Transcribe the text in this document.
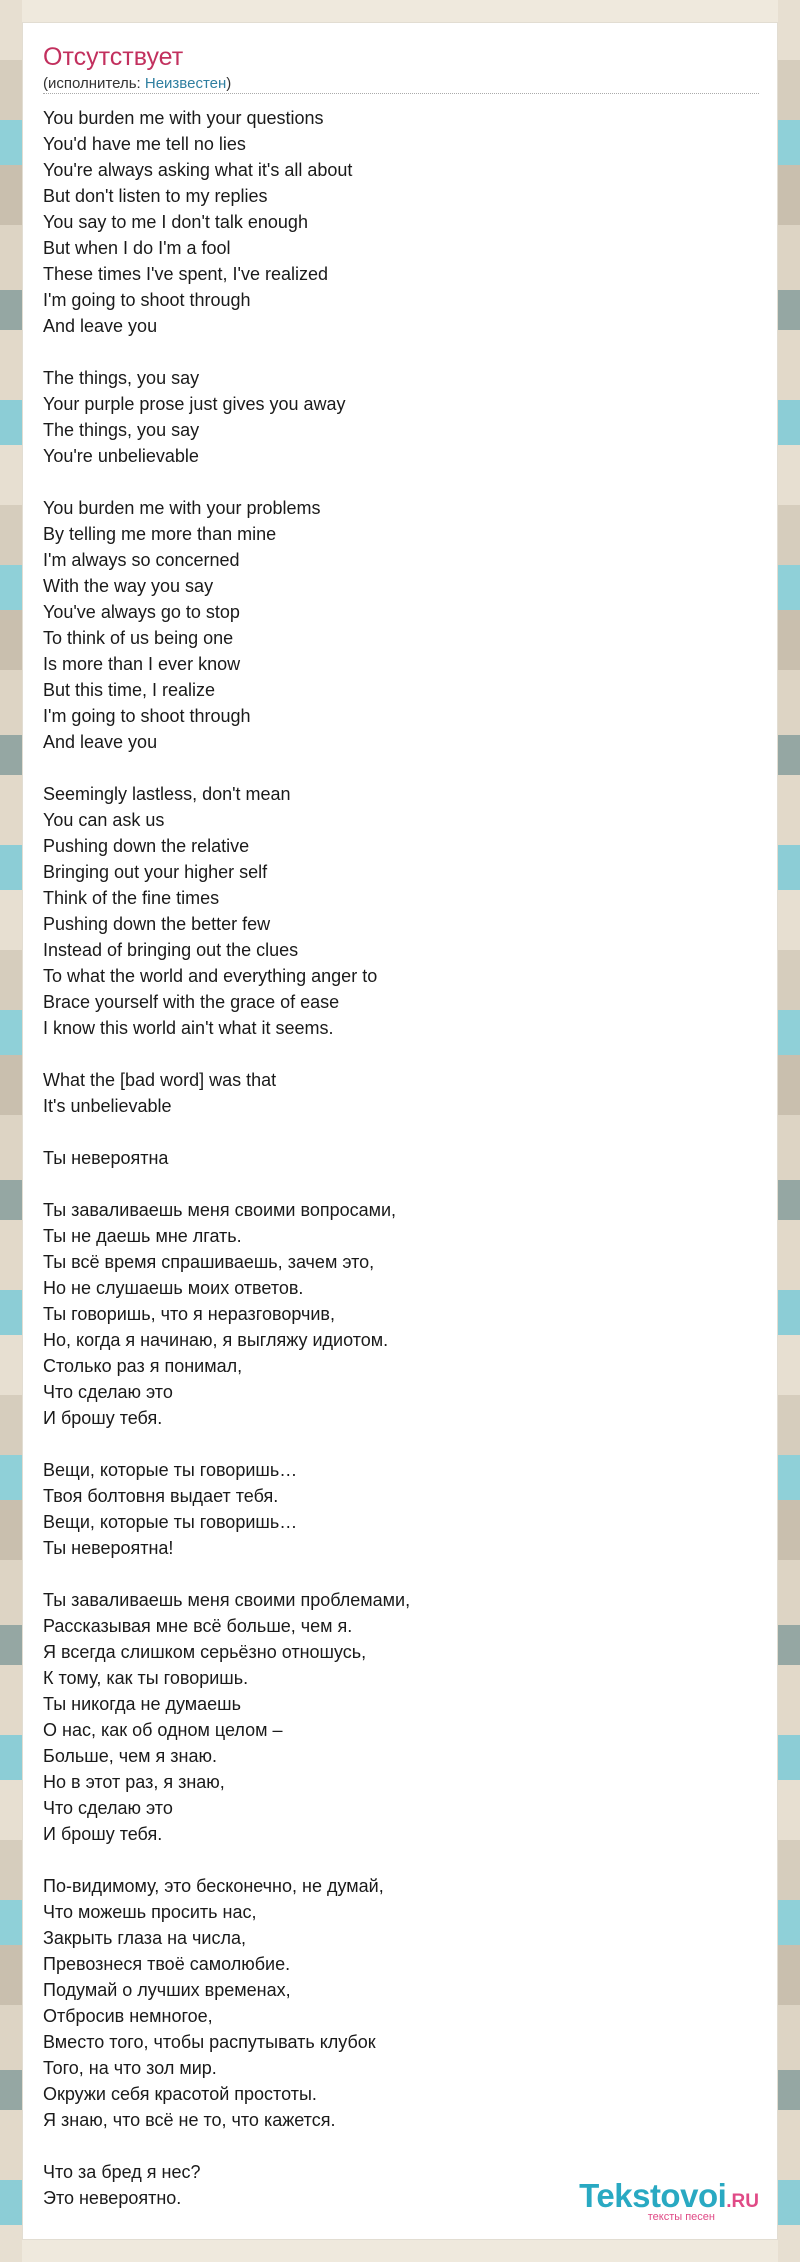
Отсутствует
(исполнитель: Неизвестен)
You burden me with your questions
You'd have me tell no lies
You're always asking what it's all about
But don't listen to my replies
You say to me I don't talk enough
But when I do I'm a fool
These times I've spent, I've realized
I'm going to shoot through
And leave you
The things, you say
Your purple prose just gives you away
The things, you say
You're unbelievable
You burden me with your problems
By telling me more than mine
I'm always so concerned
With the way you say
You've always go to stop
To think of us being one
Is more than I ever know
But this time, I realize
I'm going to shoot through
And leave you
Seemingly lastless, don't mean
You can ask us
Pushing down the relative
Bringing out your higher self
Think of the fine times
Pushing down the better few
Instead of bringing out the clues
To what the world and everything anger to
Brace yourself with the grace of ease
I know this world ain't what it seems.
What the [bad word] was that
It's unbelievable
Ты невероятна
Ты заваливаешь меня своими вопросами,
Ты не даешь мне лгать.
Ты всё время спрашиваешь, зачем это,
Но не слушаешь моих ответов.
Ты говоришь, что я неразговорчив,
Но, когда я начинаю, я выгляжу идиотом.
Столько раз я понимал,
Что сделаю это
И брошу тебя.
Вещи, которые ты говоришь…
Твоя болтовня выдает тебя.
Вещи, которые ты говоришь…
Ты невероятна!
Ты заваливаешь меня своими проблемами,
Рассказывая мне всё больше, чем я.
Я всегда слишком серьёзно отношусь,
К тому, как ты говоришь.
Ты никогда не думаешь
О нас, как об одном целом –
Больше, чем я знаю.
Но в этот раз, я знаю,
Что сделаю это
И брошу тебя.
По-видимому, это бесконечно, не думай,
Что можешь просить нас,
Закрыть глаза на числа,
Превознеся твоё самолюбие.
Подумай о лучших временах,
Отбросив немногое,
Вместо того, чтобы распутывать клубок
Того, на что зол мир.
Окружи себя красотой простоты.
Я знаю, что всё не то, что кажется.
Что за бред я нес?
Это невероятно.	Tekstovoi.RU
тексты песен
